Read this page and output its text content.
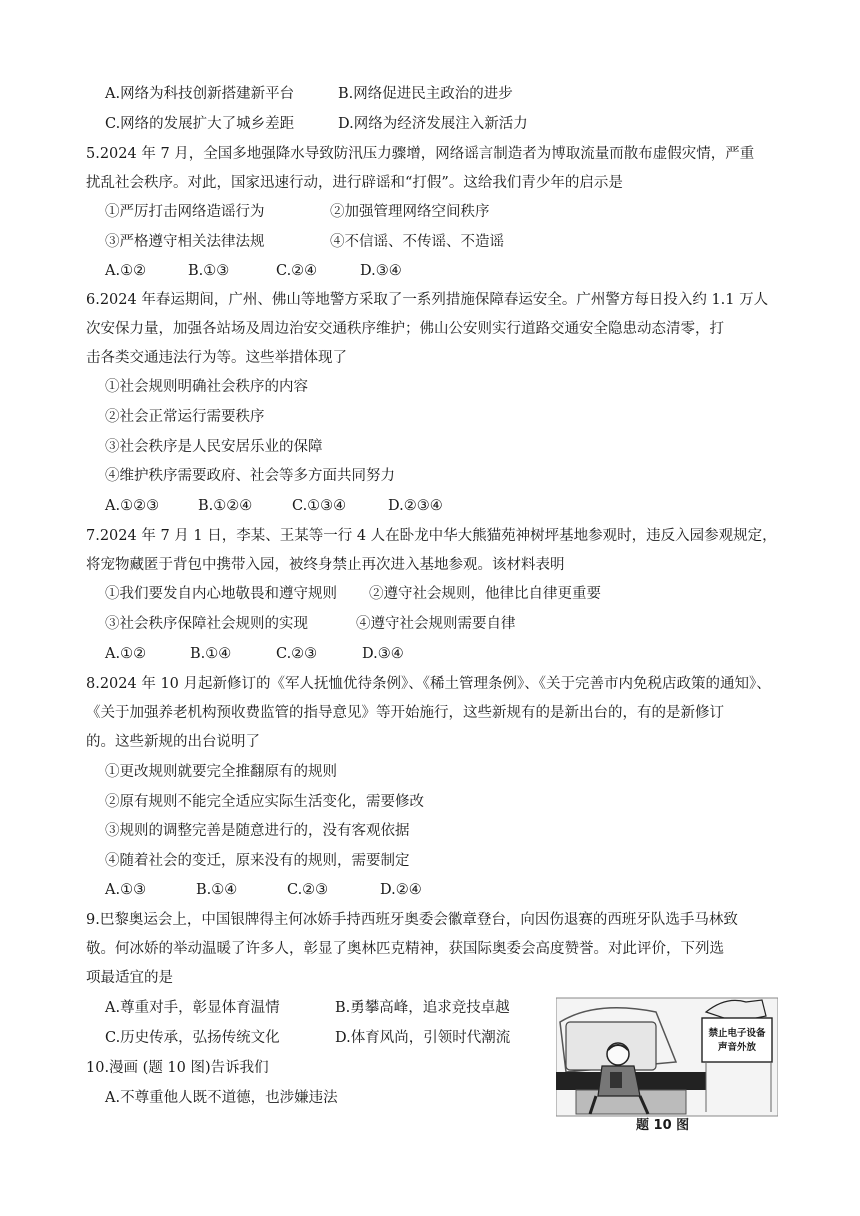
A.网络为科技创新搭建新平台	B.网络促进民主政治的进步
C.网络的发展扩大了城乡差距	D.网络为经济发展注入新活力
5.2024 年 7 月，全国多地强降水导致防汛压力骤增，网络谣言制造者为博取流量而散布虚假灾情，严重
扰乱社会秩序。对此，国家迅速行动，进行辟谣和“打假”。这给我们青少年的启示是
①严厉打击网络造谣行为	②加强管理网络空间秩序
③严格遵守相关法律法规	④不信谣、不传谣、不造谣
A.①②	B.①③	C.②④	D.③④
6.2024 年春运期间，广州、佛山等地警方采取了一系列措施保障春运安全。广州警方每日投入约 1.1 万人
次安保力量，加强各站场及周边治安交通秩序维护；佛山公安则实行道路交通安全隐患动态清零，打
击各类交通违法行为等。这些举措体现了
①社会规则明确社会秩序的内容
②社会正常运行需要秩序
③社会秩序是人民安居乐业的保障
④维护秩序需要政府、社会等多方面共同努力
A.①②③	B.①②④	C.①③④	D.②③④
7.2024 年 7 月 1 日，李某、王某等一行 4 人在卧龙中华大熊猫苑神树坪基地参观时，违反入园参观规定，
将宠物藏匿于背包中携带入园，被终身禁止再次进入基地参观。该材料表明
①我们要发自内心地敬畏和遵守规则 ②遵守社会规则，他律比自律更重要
③社会秩序保障社会规则的实现	④遵守社会规则需要自律
A.①②	B.①④	C.②③	D.③④
8.2024 年 10 月起新修订的《军人抚恤优待条例》、《稀土管理条例》、《关于完善市内免税店政策的通知》、
《关于加强养老机构预收费监管的指导意见》等开始施行，这些新规有的是新出台的，有的是新修订
的。这些新规的出台说明了
①更改规则就要完全推翻原有的规则
②原有规则不能完全适应实际生活变化，需要修改
③规则的调整完善是随意进行的，没有客观依据
④随着社会的变迁，原来没有的规则，需要制定
A.①③	B.①④	C.②③	D.②④
9.巴黎奥运会上，中国银牌得主何冰娇手持西班牙奥委会徽章登台，向因伤退赛的西班牙队选手马林致
敬。何冰娇的举动温暖了许多人，彰显了奥林匹克精神，获国际奥委会高度赞誉。对此评价，下列选
项最适宜的是
A.尊重对手，彰显体育温情	B.勇攀高峰，追求竞技卓越
C.历史传承，弘扬传统文化	D.体育风尚，引领时代潮流
10.漫画 (题 10 图)告诉我们
A.不尊重他人既不道德，也涉嫌违法
禁止电子设备
声音外放
题 10 图
